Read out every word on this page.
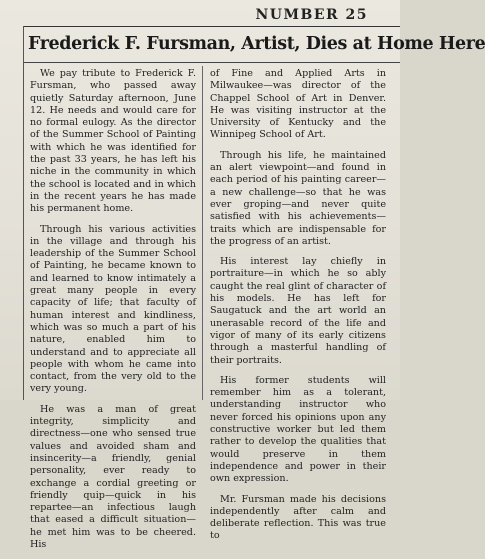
NUMBER 25
Frederick F. Fursman, Artist, Dies at Home Here

We pay tribute to Frederick F. Fursman, who passed away quietly Saturday afternoon, June 12. He needs and would care for no formal eulogy. As the director of the Summer School of Painting with which he was identified for the past 33 years, he has left his niche in the community in which the school is located and in which in the recent years he has made his permanent home.

Through his various activities in the village and through his leadership of the Summer School of Painting, he became known to and learned to know intimately a great many people in every capacity of life; that faculty of human interest and kindliness, which was so much a part of his nature, enabled him to understand and to appreciate all people with whom he came into contact, from the very old to the very young.

He was a man of great integrity, simplicity and directness—one who sensed true values and avoided sham and insincerity—a friendly, genial personality, ever ready to exchange a cordial greeting or friendly quip—quick in his repartee—an infectious laugh that eased a difficult situation—he met him was to be cheered. His

of Fine and Applied Arts in Milwaukee—was director of the Chappel School of Art in Denver. He was visiting instructor at the University of Kentucky and the Winnipeg School of Art.

Through his life, he maintained an alert viewpoint—and found in each period of his painting career—a new challenge—so that he was ever groping—and never quite satisfied with his achievements—traits which are indispensable for the progress of an artist.

His interest lay chiefly in portraiture—in which he so ably caught the real glint of character of his models. He has left for Saugatuck and the art world an unerasable record of the life and vigor of many of its early citizens through a masterful handling of their portraits.

His former students will remember him as a tolerant, understanding instructor who never forced his opinions upon any constructive worker but led them rather to develop the qualities that would preserve in them independence and power in their own expression.

Mr. Fursman made his decisions independently after calm and deliberate reflection. This was true to
